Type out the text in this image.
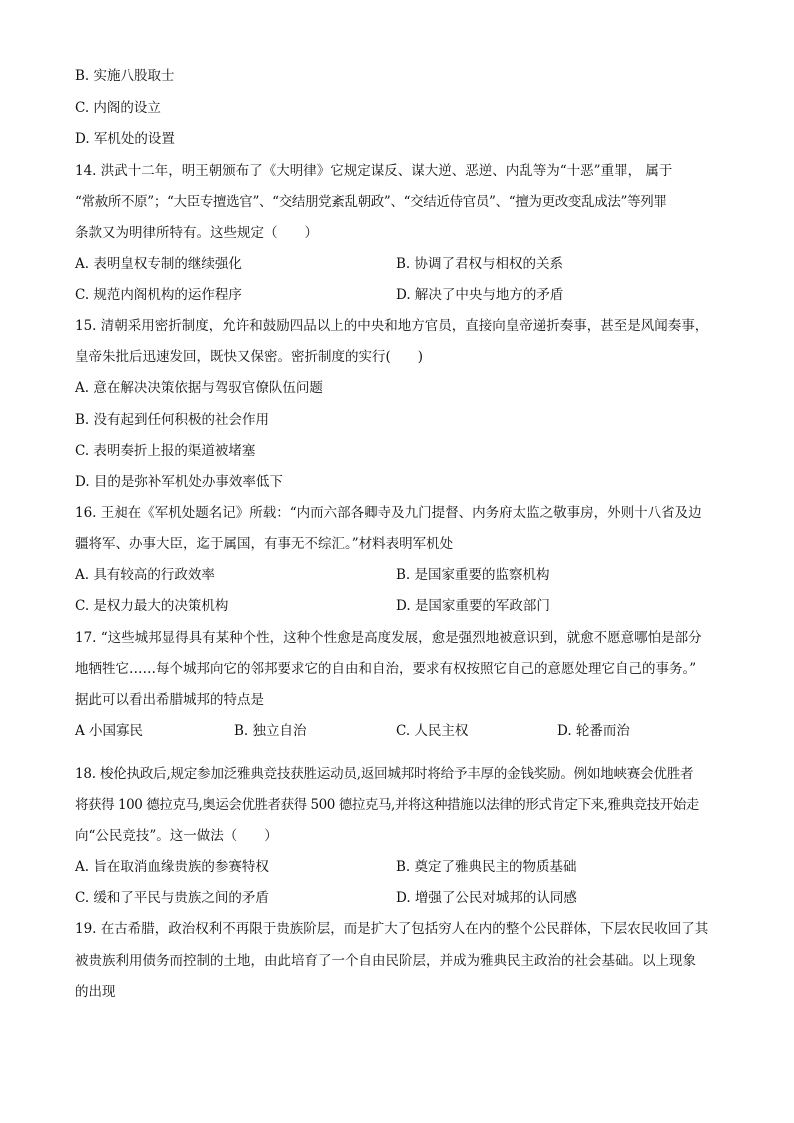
B. 实施八股取士
C. 内阁的设立
D. 军机处的设置
14. 洪武十二年，明王朝颁布了《大明律》它规定谋反、谋大逆、恶逆、内乱等为“十恶”重罪， 属于
“常赦所不原”；“大臣专擅选官”、“交结朋党紊乱朝政”、“交结近侍官员”、“擅为更改变乱成法”等列罪
条款又为明律所特有。这些规定（　　）
A. 表明皇权专制的继续强化	B. 协调了君权与相权的关系
C. 规范内阁机构的运作程序	D. 解决了中央与地方的矛盾
15. 清朝采用密折制度，允许和鼓励四品以上的中央和地方官员，直接向皇帝递折奏事，甚至是风闻奏事，
皇帝朱批后迅速发回，既快又保密。密折制度的实行(　　)
A. 意在解决决策依据与驾驭官僚队伍问题
B. 没有起到任何积极的社会作用
C. 表明奏折上报的渠道被堵塞
D. 目的是弥补军机处办事效率低下
16. 王昶在《军机处题名记》所载：“内而六部各卿寺及九门提督、内务府太监之敬事房，外则十八省及边
疆将军、办事大臣，迄于属国，有事无不综汇。”材料表明军机处
A. 具有较高的行政效率	B. 是国家重要的监察机构
C. 是权力最大的决策机构	D. 是国家重要的军政部门
17. “这些城邦显得具有某种个性，这种个性愈是高度发展，愈是强烈地被意识到，就愈不愿意哪怕是部分
地牺牲它……每个城邦向它的邻邦要求它的自由和自治，要求有权按照它自己的意愿处理它自己的事务。”
据此可以看出希腊城邦的特点是
A 小国寡民	B. 独立自治	C. 人民主权	D. 轮番而治
18. 梭伦执政后,规定参加泛雅典竞技获胜运动员,返回城邦时将给予丰厚的金钱奖励。例如地峡赛会优胜者
将获得 100 德拉克马,奥运会优胜者获得 500 德拉克马,并将这种措施以法律的形式肯定下来,雅典竞技开始走
向“公民竞技”。这一做法（　　）
A. 旨在取消血缘贵族的参赛特权	B. 奠定了雅典民主的物质基础
C. 缓和了平民与贵族之间的矛盾	D. 增强了公民对城邦的认同感
19. 在古希腊，政治权利不再限于贵族阶层，而是扩大了包括穷人在内的整个公民群体，下层农民收回了其
被贵族利用债务而控制的土地，由此培育了一个自由民阶层，并成为雅典民主政治的社会基础。以上现象
的出现
